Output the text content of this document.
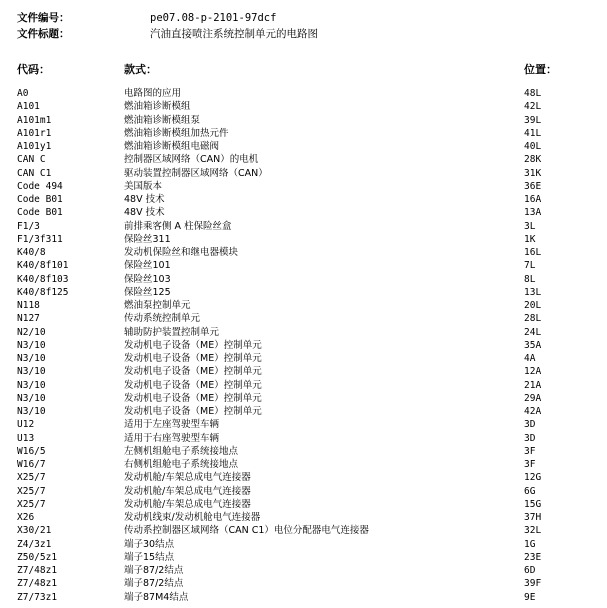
文件编号：	pe07.08-p-2101-97dcf
文件标题：	汽油直接喷注系统控制单元的电路图
代码：	款式：	位置：
A0	电路图的应用	48L
A101	燃油箱诊断模组	42L
A101m1	燃油箱诊断模组泵	39L
A101r1	燃油箱诊断模组加热元件	41L
A101y1	燃油箱诊断模组电磁阀	40L
CAN C	控制器区域网络（CAN）的电机	28K
CAN C1	驱动装置控制器区域网络（CAN）	31K
Code 494	美国版本	36E
Code B01	48V 技术	16A
Code B01	48V 技术	13A
F1/3	前排乘客侧 A 柱保险丝盒	3L
F1/3f311	保险丝311	1K
K40/8	发动机保险丝和继电器模块	16L
K40/8f101	保险丝101	7L
K40/8f103	保险丝103	8L
K40/8f125	保险丝125	13L
N118	燃油泵控制单元	20L
N127	传动系统控制单元	28L
N2/10	辅助防护装置控制单元	24L
N3/10	发动机电子设备（ME）控制单元	35A
N3/10	发动机电子设备（ME）控制单元	4A
N3/10	发动机电子设备（ME）控制单元	12A
N3/10	发动机电子设备（ME）控制单元	21A
N3/10	发动机电子设备（ME）控制单元	29A
N3/10	发动机电子设备（ME）控制单元	42A
U12	适用于左座驾驶型车辆	3D
U13	适用于右座驾驶型车辆	3D
W16/5	左侧机组舱电子系统接地点	3F
W16/7	右侧机组舱电子系统接地点	3F
X25/7	发动机舱/车架总成电气连接器	12G
X25/7	发动机舱/车架总成电气连接器	6G
X25/7	发动机舱/车架总成电气连接器	15G
X26	发动机线束/发动机舱电气连接器	37H
X30/21	传动系控制器区域网络（CAN C1）电位分配器电气连接器	32L
Z4/3z1	端子30结点	1G
Z50/5z1	端子15结点	23E
Z7/48z1	端子87/2结点	6D
Z7/48z1	端子87/2结点	39F
Z7/73z1	端子87M4结点	9E
